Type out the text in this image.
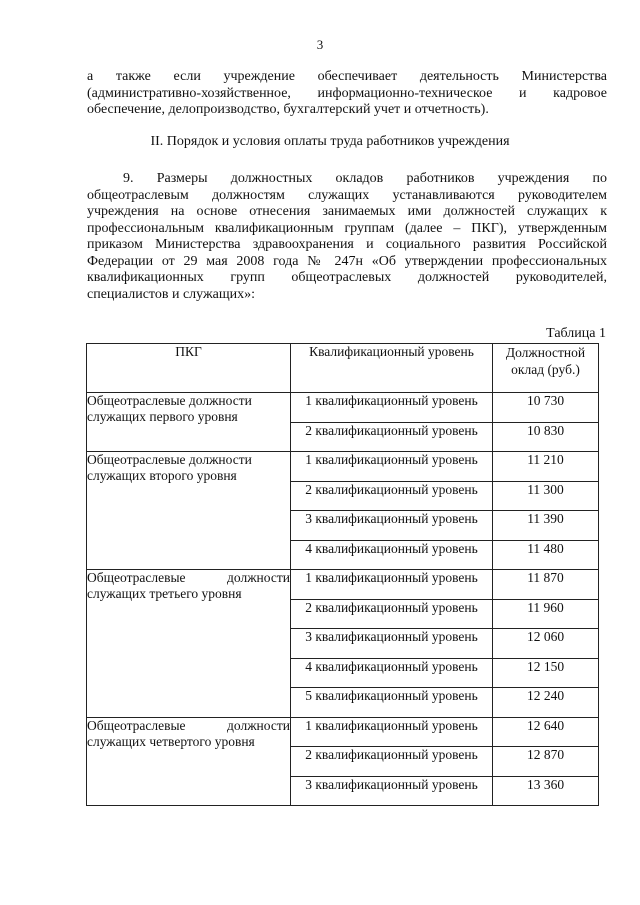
3
а также если учреждение обеспечивает деятельность Министерства
(административно-хозяйственное, информационно-техническое и кадровое
обеспечение, делопроизводство, бухгалтерский учет и отчетность).
II. Порядок и условия оплаты труда работников учреждения
9. Размеры должностных окладов работников учреждения по
общеотраслевым должностям служащих устанавливаются руководителем
учреждения на основе отнесения занимаемых ими должностей служащих к
профессиональным квалификационным группам (далее – ПКГ), утвержденным
приказом Министерства здравоохранения и социального развития Российской
Федерации от 29 мая 2008 года № 247н «Об утверждении профессиональных
квалификационных групп общеотраслевых должностей руководителей,
специалистов и служащих»:
Таблица 1
ПКГ	Квалификационный уровень	Должностной
оклад (руб.)
Общеотраслевые должности
служащих первого уровня	1 квалификационный уровень	10 730
	2 квалификационный уровень	10 830
Общеотраслевые должности
служащих второго уровня	1 квалификационный уровень	11 210
	2 квалификационный уровень	11 300
	3 квалификационный уровень	11 390
	4 квалификационный уровень	11 480

Общеотраслевые должности
служащих третьего уровня	1 квалификационный уровень	11 870
	2 квалификационный уровень	11 960
	3 квалификационный уровень	12 060
	4 квалификационный уровень	12 150
	5 квалификационный уровень	12 240

Общеотраслевые должности
служащих четвертого уровня	1 квалификационный уровень	12 640
	2 квалификационный уровень	12 870
	3 квалификационный уровень	13 360
